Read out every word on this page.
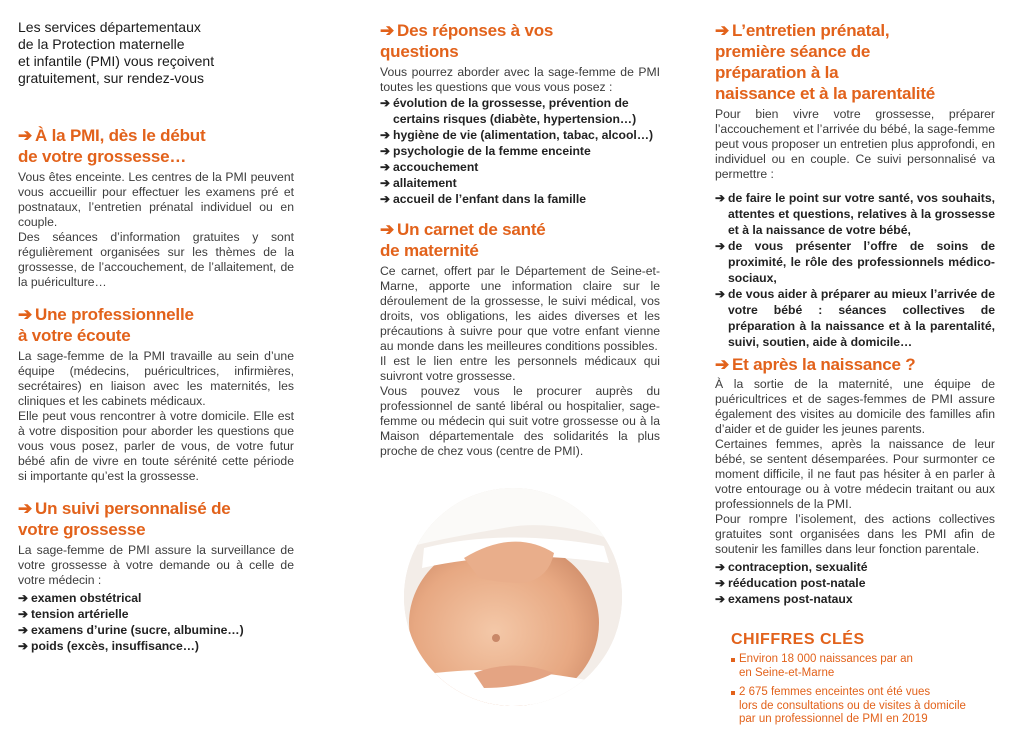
Les services départementaux
de la Protection maternelle
et infantile (PMI) vous reçoivent
gratuitement, sur rendez-vous
➔ À la PMI, dès le début
de votre grossesse…

Vous êtes enceinte. Les centres de la PMI peuvent vous accueillir pour effectuer les examens pré et postnataux, l’entretien prénatal individuel ou en couple.

Des séances d’information gratuites y sont régulièrement organisées sur les thèmes de la grossesse, de l’accouchement, de l’allaitement, de la puériculture…

➔ Une professionnelle
à votre écoute

La sage-femme de la PMI travaille au sein d’une équipe (médecins, puéricultrices, infirmières, secrétaires) en liaison avec les maternités, les cliniques et les cabinets médicaux.

Elle peut vous rencontrer à votre domicile. Elle est à votre disposition pour aborder les questions que vous vous posez, parler de vous, de votre futur bébé afin de vivre en toute sérénité cette période si importante qu’est la grossesse.

➔ Un suivi personnalisé de
votre grossesse

La sage-femme de PMI assure la surveillance de votre grossesse à votre demande ou à celle de votre médecin :

➔ examen obstétrical
➔ tension artérielle
➔ examens d’urine (sucre, albumine…)
➔ poids (excès, insuffisance…)
➔ Des réponses à vos
questions

Vous pourrez aborder avec la sage-femme de PMI toutes les questions que vous vous posez :

➔ évolution de la grossesse, prévention de certains risques (diabète, hypertension…)
➔ hygiène de vie (alimentation, tabac, alcool…)
➔ psychologie de la femme enceinte
➔ accouchement
➔ allaitement
➔ accueil de l’enfant dans la famille
➔ Un carnet de santé
de maternité

Ce carnet, offert par le Département de Seine-et-Marne, apporte une information claire sur le déroulement de la grossesse, le suivi médical, vos droits, vos obligations, les aides diverses et les précautions à suivre pour que votre enfant vienne au monde dans les meilleures conditions possibles.

Il est le lien entre les personnels médicaux qui suivront votre grossesse.

Vous pouvez vous le procurer auprès du professionnel de santé libéral ou hospitalier, sage-femme ou médecin qui suit votre grossesse ou à la Maison départementale des solidarités la plus proche de chez vous (centre de PMI).

➔ L’entretien prénatal,
première séance de
préparation à la
naissance et à la parentalité

Pour bien vivre votre grossesse, préparer l’accouchement et l’arrivée du bébé, la sage-femme peut vous proposer un entretien plus approfondi, en individuel ou en couple. Ce suivi personnalisé va permettre :

➔ de faire le point sur votre santé, vos souhaits, attentes et questions, relatives à la grossesse et à la naissance de votre bébé,
➔ de vous présenter l’offre de soins de proximité, le rôle des professionnels médico-sociaux,
➔ de vous aider à préparer au mieux l’arrivée de votre bébé : séances collectives de préparation à la naissance et à la parentalité, suivi, soutien, aide à domicile…
➔ Et après la naissance ?

À la sortie de la maternité, une équipe de puéricultrices et de sages-femmes de PMI assure également des visites au domicile des familles afin d’aider et de guider les jeunes parents.

Certaines femmes, après la naissance de leur bébé, se sentent désemparées. Pour surmonter ce moment difficile, il ne faut pas hésiter à en parler à votre entourage ou à votre médecin traitant ou aux professionnels de la PMI.

Pour rompre l’isolement, des actions collectives gratuites sont organisées dans les PMI afin de soutenir les familles dans leur fonction parentale.

➔ contraception, sexualité
➔ rééducation post-natale
➔ examens post-nataux
CHIFFRES CLÉS
Environ 18 000 naissances par an
en Seine-et-Marne
2 675 femmes enceintes ont été vues
lors de consultations ou de visites à domicile
par un professionnel de PMI en 2019
